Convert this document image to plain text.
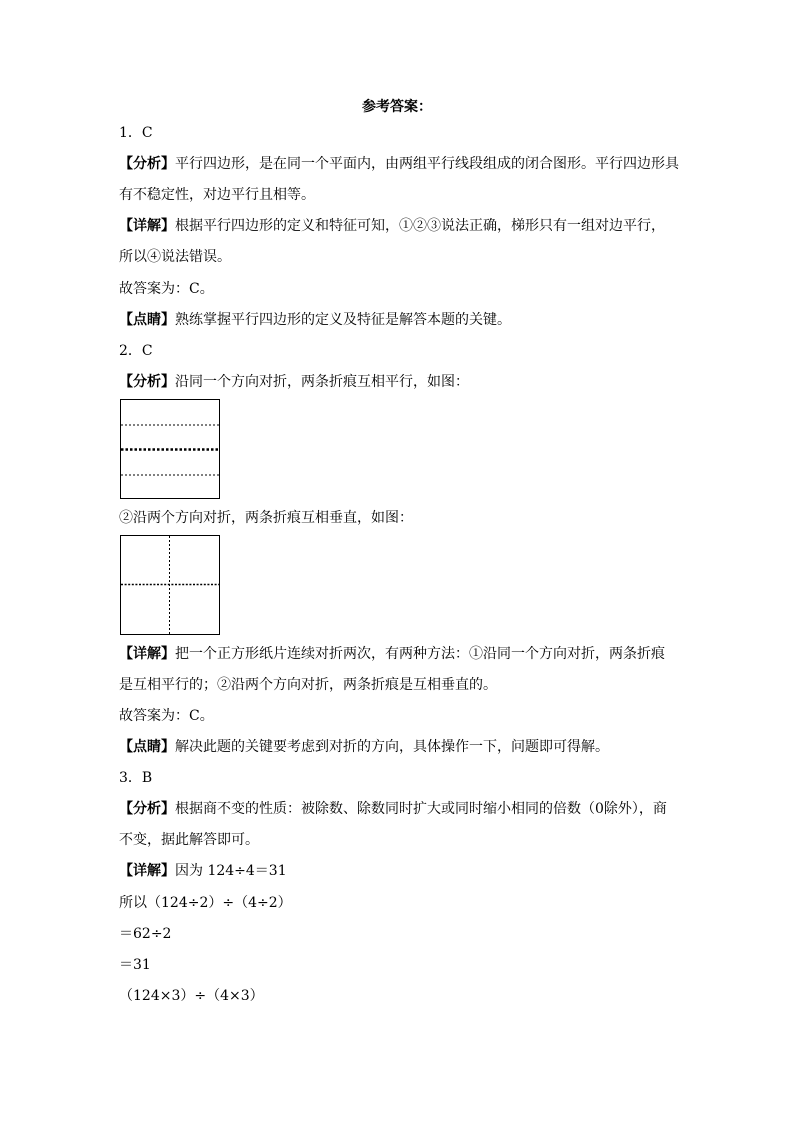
参考答案：
1．C
【分析】平行四边形，是在同一个平面内，由两组平行线段组成的闭合图形。平行四边形具
有不稳定性，对边平行且相等。
【详解】根据平行四边形的定义和特征可知，①②③说法正确，梯形只有一组对边平行，
所以④说法错误。
故答案为：C。
【点睛】熟练掌握平行四边形的定义及特征是解答本题的关键。
2．C
【分析】沿同一个方向对折，两条折痕互相平行，如图：
②沿两个方向对折，两条折痕互相垂直，如图：
【详解】把一个正方形纸片连续对折两次，有两种方法：①沿同一个方向对折，两条折痕
是互相平行的；②沿两个方向对折，两条折痕是互相垂直的。
故答案为：C。
【点睛】解决此题的关键要考虑到对折的方向，具体操作一下，问题即可得解。
3．B
【分析】根据商不变的性质：被除数、除数同时扩大或同时缩小相同的倍数（0除外），商
不变，据此解答即可。
【详解】因为 124÷4＝31
所以（124÷2）÷（4÷2）
＝62÷2
＝31
（124×3）÷（4×3）
